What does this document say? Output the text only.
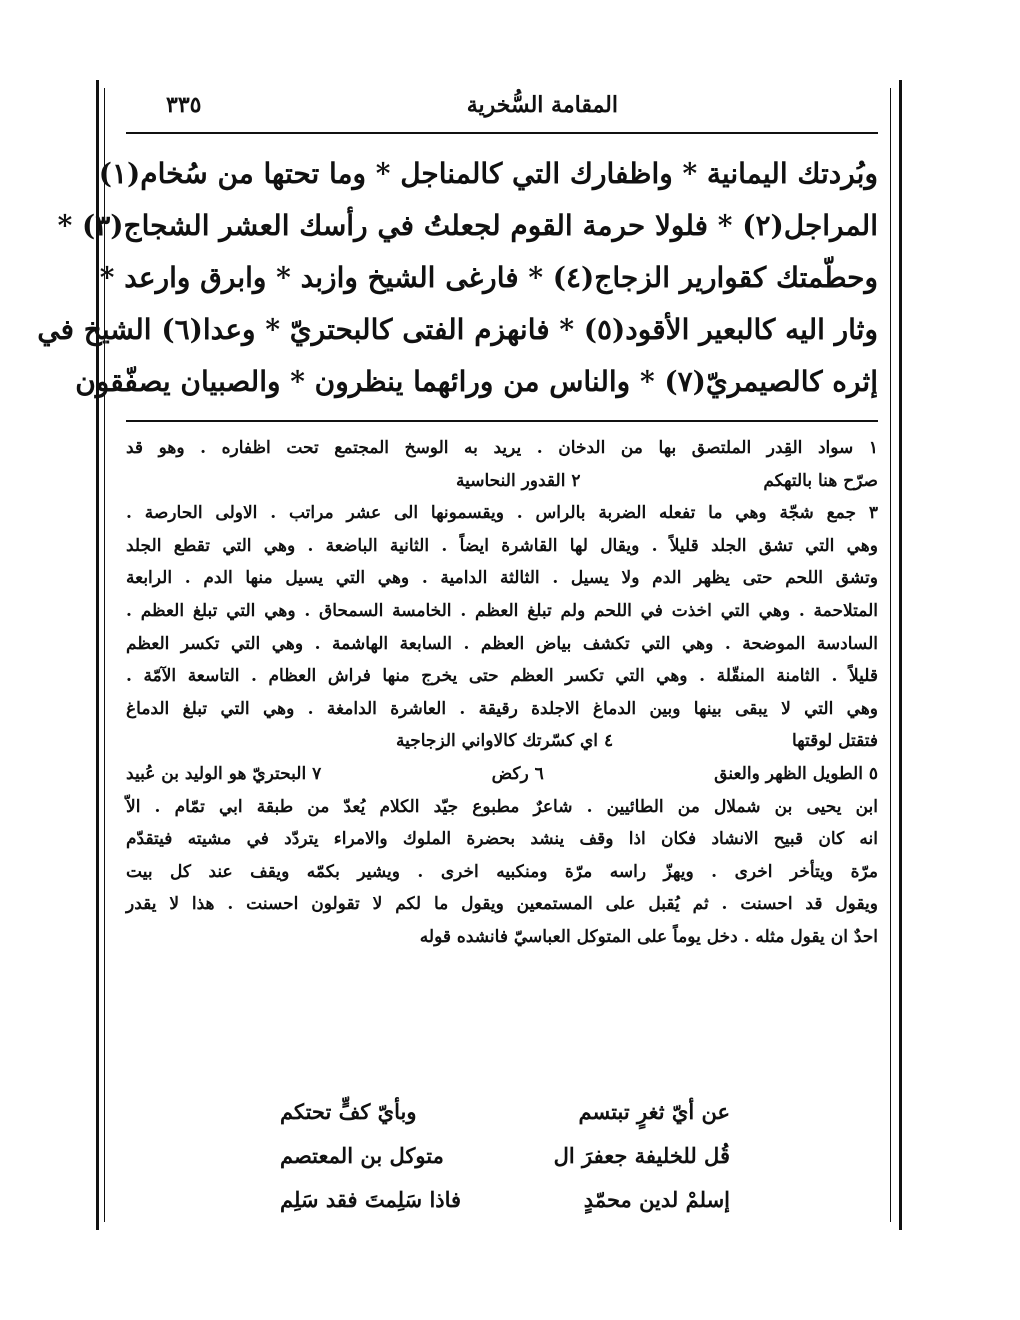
المقامة السُّخرية
٣٣٥
وبُردتك اليمانية * واظفارك التي كالمناجل * وما تحتها من سُخام(١)
المراجل(٢) * فلولا حرمة القوم لجعلتُ في رأسك العشر الشجاج(٣) *
وحطّمتك كقوارير الزجاج(٤) * فارغى الشيخ وازبد * وابرق وارعد *
وثار اليه كالبعير الأقود(٥) * فانهزم الفتى كالبحتريّ * وعدا(٦) الشيخ في
إثره كالصيمريّ(٧) * والناس من ورائهما ينظرون * والصبيان يصفّقون
١ سواد القِدر الملتصق بها من الدخان . يريد به الوسخ المجتمع تحت اظفاره . وهو قد
صرّح هنا بالتهكم
٢ القدور النحاسية
٣ جمع شجّة وهي ما تفعله الضربة بالراس . ويقسمونها الى عشر مراتب . الاولى الحارصة .
وهي التي تشق الجلد قليلاً . ويقال لها القاشرة ايضاً . الثانية الباضعة . وهي التي تقطع الجلد
وتشق اللحم حتى يظهر الدم ولا يسيل . الثالثة الدامية . وهي التي يسيل منها الدم . الرابعة
المتلاحمة . وهي التي اخذت في اللحم ولم تبلغ العظم . الخامسة السمحاق . وهي التي تبلغ العظم .
السادسة الموضحة . وهي التي تكشف بياض العظم . السابعة الهاشمة . وهي التي تكسر العظم
قليلاً . الثامنة المنقّلة . وهي التي تكسر العظم حتى يخرج منها فراش العظام . التاسعة الآمّة .
وهي التي لا يبقى بينها وبين الدماغ الاجلدة رقيقة . العاشرة الدامغة . وهي التي تبلغ الدماغ
فتقتل لوقتها
٤ اي كسّرتك كالاواني الزجاجية
٥ الطويل الظهر والعنق
٦ ركض
٧ البحتريّ هو الوليد بن عُبيد
ابن يحيى بن شملال من الطائيين . شاعرٌ مطبوع جيّد الكلام يُعدّ من طبقة ابي تمّام . الاّ
انه كان قبيح الانشاد فكان اذا وقف ينشد بحضرة الملوك والامراء يتردّد في مشيته فيتقدّم
مرّة ويتأخر اخرى . ويهزّ راسه مرّة ومنكبيه اخرى . ويشير بكمّه ويقف عند كل بيت
ويقول قد احسنت . ثم يُقبل على المستمعين ويقول ما لكم لا تقولون احسنت . هذا لا يقدر
احدٌ ان يقول مثله . دخل يوماً على المتوكل العباسيّ فانشده قوله
عن أيّ ثغرٍ تبتسم
وبأيّ كفٍّ تحتكم
قُل للخليفة جعفرَ ال
متوكل بن المعتصم
إسلمْ لدين محمّدٍ
فاذا سَلِمتَ فقد سَلِم
